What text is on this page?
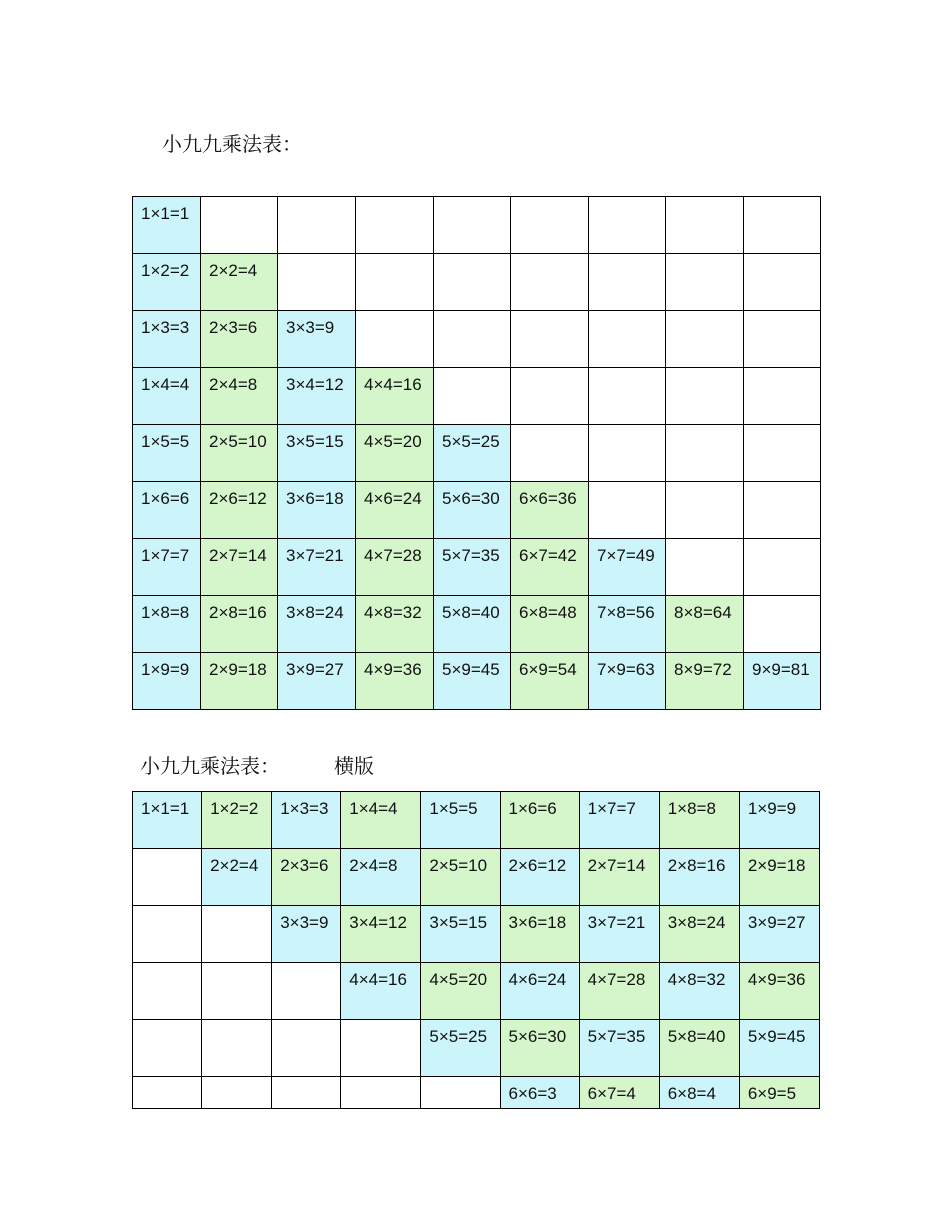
小九九乘法表：
1×1=1								
1×2=2	2×2=4							
1×3=3	2×3=6	3×3=9						
1×4=4	2×4=8	3×4=12	4×4=16					
1×5=5	2×5=10	3×5=15	4×5=20	5×5=25				
1×6=6	2×6=12	3×6=18	4×6=24	5×6=30	6×6=36			
1×7=7	2×7=14	3×7=21	4×7=28	5×7=35	6×7=42	7×7=49		
1×8=8	2×8=16	3×8=24	4×8=32	5×8=40	6×8=48	7×8=56	8×8=64	
1×9=9	2×9=18	3×9=27	4×9=36	5×9=45	6×9=54	7×9=63	8×9=72	9×9=81
小九九乘法表：	横版
1×1=1	1×2=2	1×3=3	1×4=4	1×5=5	1×6=6	1×7=7	1×8=8	1×9=9
	2×2=4	2×3=6	2×4=8	2×5=10	2×6=12	2×7=14	2×8=16	2×9=18
		3×3=9	3×4=12	3×5=15	3×6=18	3×7=21	3×8=24	3×9=27
			4×4=16	4×5=20	4×6=24	4×7=28	4×8=32	4×9=36
				5×5=25	5×6=30	5×7=35	5×8=40	5×9=45
					6×6=3	6×7=4	6×8=4	6×9=5
